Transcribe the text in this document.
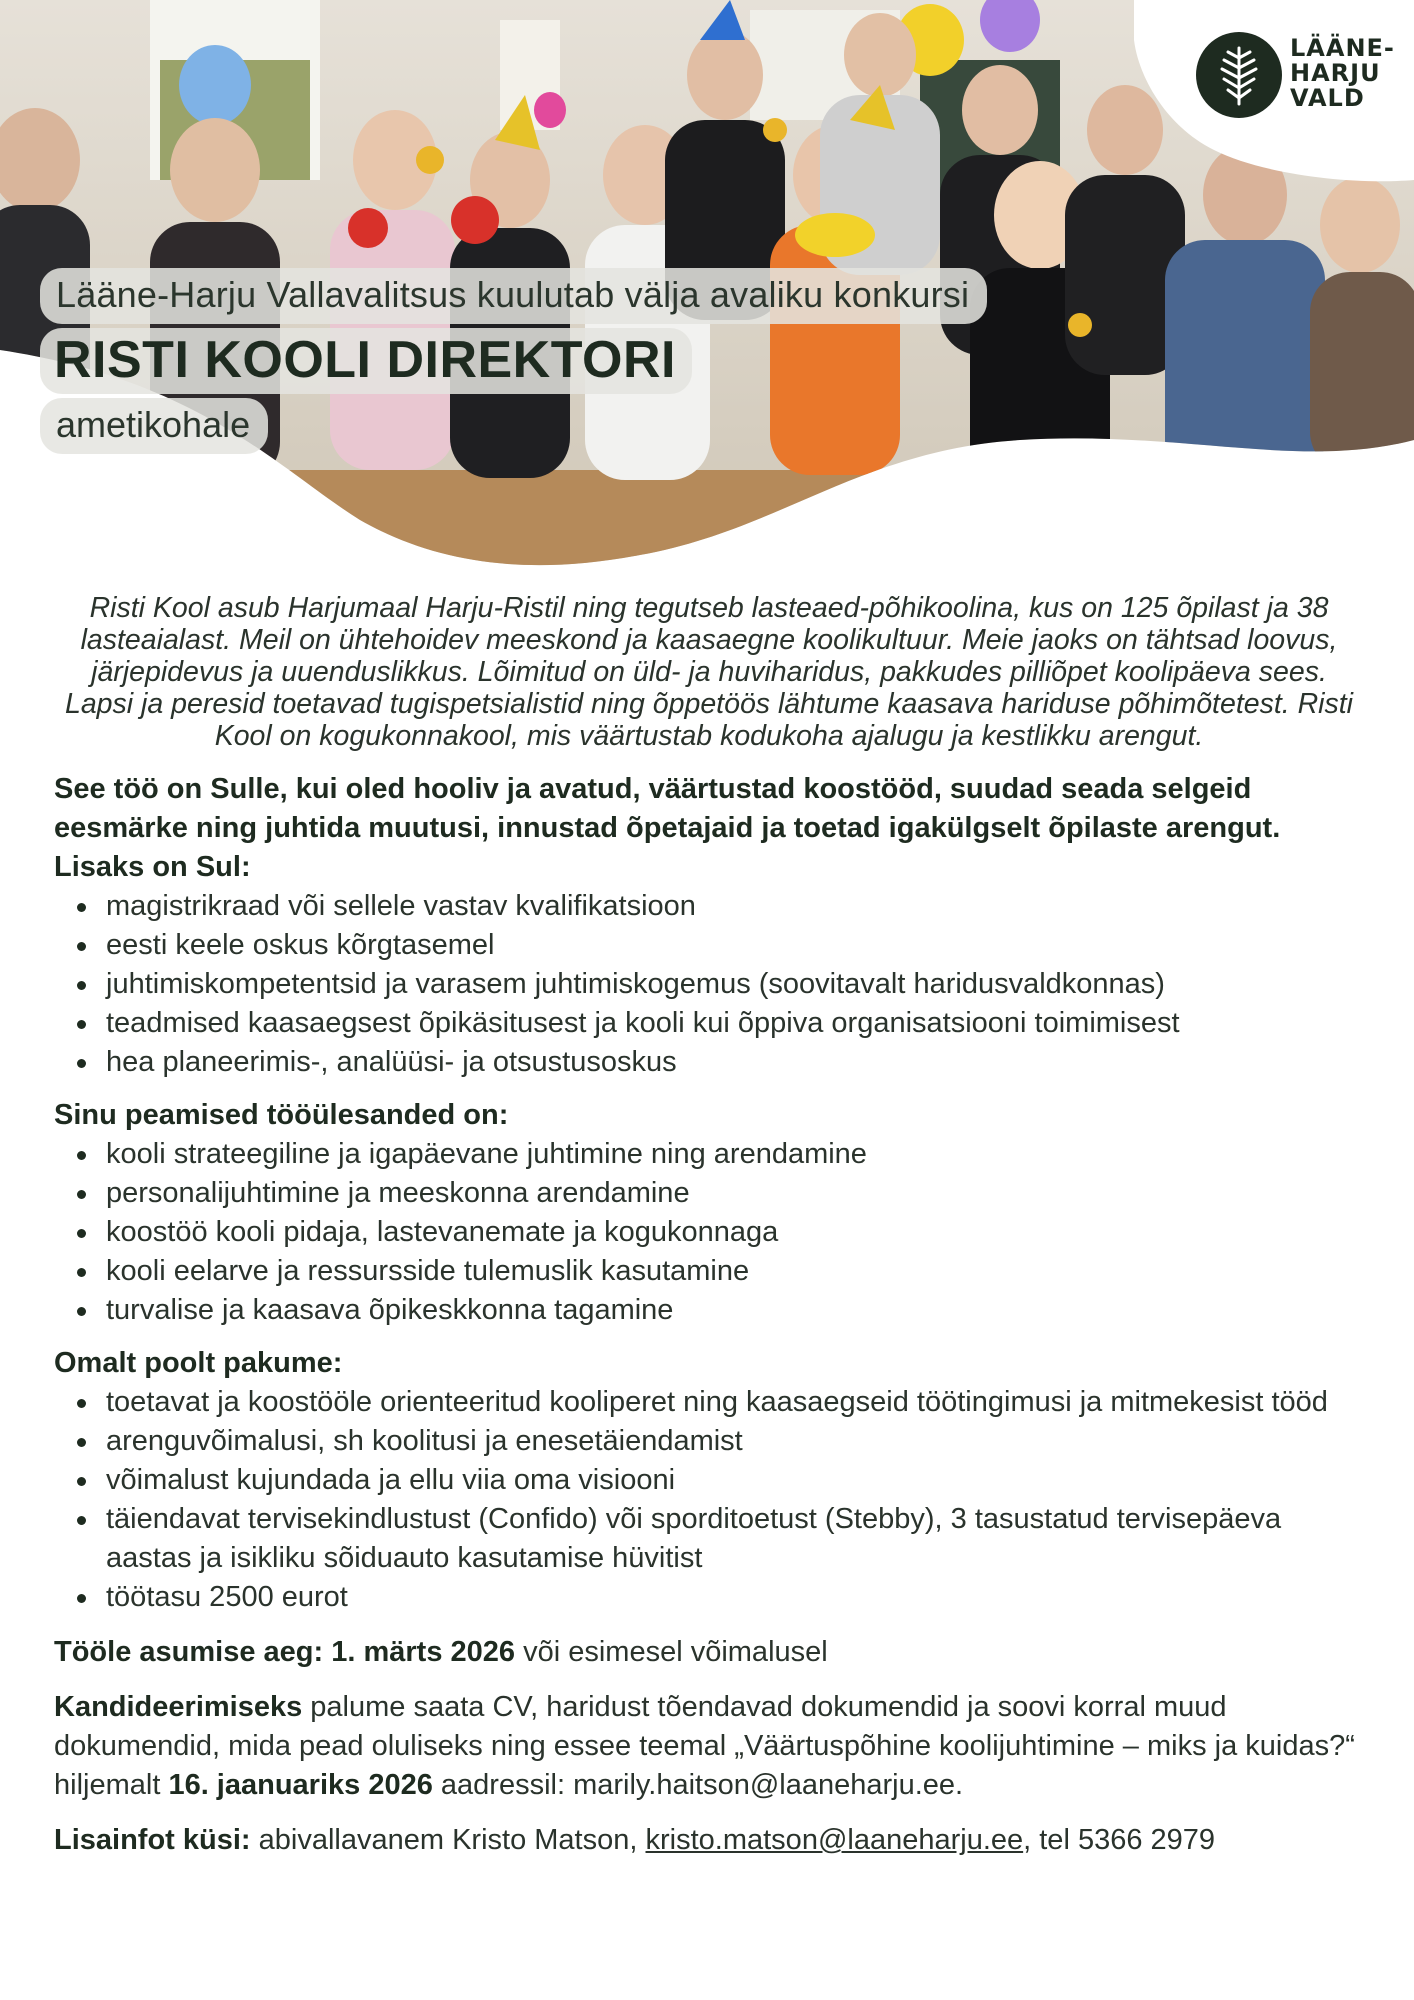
LÄÄNE-
HARJU
VALD
Lääne-Harju Vallavalitsus kuulutab välja avaliku konkursi
RISTI KOOLI DIREKTORI
ametikohale

Risti Kool asub Harjumaal Harju-Ristil ning tegutseb lasteaed-põhikoolina, kus on 125 õpilast ja 38 lasteaialast. Meil on ühtehoidev meeskond ja kaasaegne koolikultuur. Meie jaoks on tähtsad loovus, järjepidevus ja uuenduslikkus. Lõimitud on üld- ja huviharidus, pakkudes pilliõpet koolipäeva sees. Lapsi ja peresid toetavad tugispetsialistid ning õppetöös lähtume kaasava hariduse põhimõtetest. Risti Kool on kogukonnakool, mis väärtustab kodukoha ajalugu ja kestlikku arengut.

See töö on Sulle, kui oled hooliv ja avatud, väärtustad koostööd, suudad seada selgeid eesmärke ning juhtida muutusi, innustad õpetajaid ja toetad igakülgselt õpilaste arengut. Lisaks on Sul:

magistrikraad või sellele vastav kvalifikatsioon
eesti keele oskus kõrgtasemel
juhtimiskompetentsid ja varasem juhtimiskogemus (soovitavalt haridusvaldkonnas)
teadmised kaasaegsest õpikäsitusest ja kooli kui õppiva organisatsiooni toimimisest
hea planeerimis-, analüüsi- ja otsustusoskus

Sinu peamised tööülesanded on:

kooli strateegiline ja igapäevane juhtimine ning arendamine
personalijuhtimine ja meeskonna arendamine
koostöö kooli pidaja, lastevanemate ja kogukonnaga
kooli eelarve ja ressursside tulemuslik kasutamine
turvalise ja kaasava õpikeskkonna tagamine

Omalt poolt pakume:

toetavat ja koostööle orienteeritud kooliperet ning kaasaegseid töötingimusi ja mitmekesist tööd
arenguvõimalusi, sh koolitusi ja enesetäiendamist
võimalust kujundada ja ellu viia oma visiooni
täiendavat tervisekindlustust (Confido) või sporditoetust (Stebby), 3 tasustatud tervisepäeva aastas ja isikliku sõiduauto kasutamise hüvitist
töötasu 2500 eurot

Tööle asumise aeg: 1. märts 2026 või esimesel võimalusel

Kandideerimiseks palume saata CV, haridust tõendavad dokumendid ja soovi korral muud dokumendid, mida pead oluliseks ning essee teemal „Väärtuspõhine koolijuhtimine – miks ja kuidas?“ hiljemalt 16. jaanuariks 2026 aadressil: marily.haitson@laaneharju.ee.

Lisainfot küsi: abivallavanem Kristo Matson, kristo.matson@laaneharju.ee, tel 5366 2979
